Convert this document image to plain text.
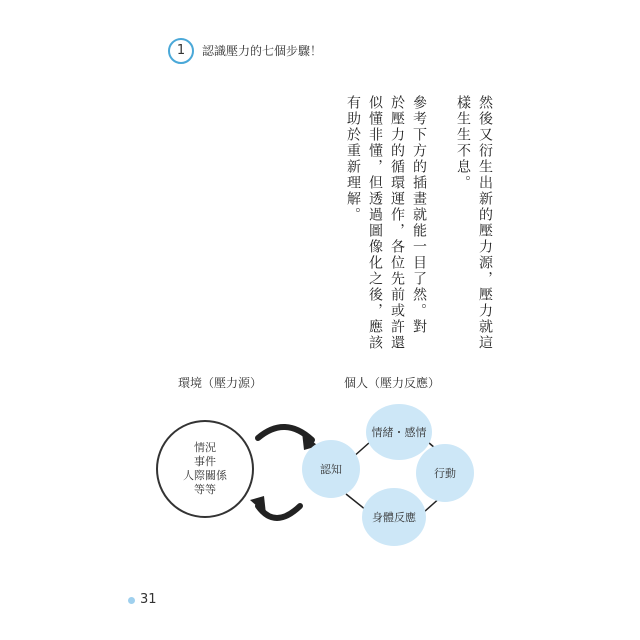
1	認識壓力的七個步驟！
然後又衍生出新的壓力源，壓力就這
樣生生不息。
參考下方的插畫就能一目了然。對
於壓力的循環運作，各位先前或許還
似懂非懂，但透過圖像化之後，應該
有助於重新理解。
環境（壓力源）	個人（壓力反應）
情況
事件
人際關係
等等
情緒・感情
認知	行動
身體反應
31
